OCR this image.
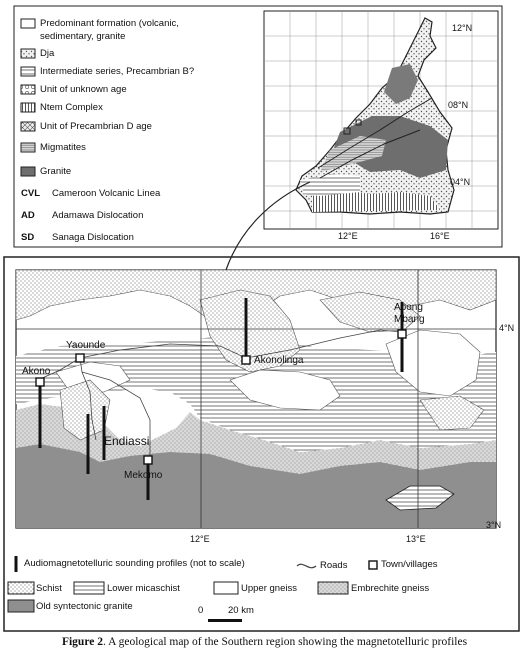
Predominant formation (volcanic,
sedimentary, granite
Dja
Intermediate series, Precambrian B?
Unit of unknown age
Ntem Complex
Unit of Precambrian D age
Migmatites
Granite
CVL Cameroon Volcanic Linea
AD Adamawa Dislocation
SD Sanaga Dislocation
12°N
08°N
04°N
12°E	16°E
Yaounde
Akono
Akonolinga
Abong
Mbang
Endiassi
Mekomo
4°N
3°N
12°E	13°E
Audiomagnetotelluric sounding profiles (not to scale)	Roads	Town/villages
Schist	Lower micaschist	Upper gneiss	Embrechite gneiss
Old syntectonic granite	0	20 km
Figure 2. A geological map of the Southern region showing the magnetotelluric profiles
